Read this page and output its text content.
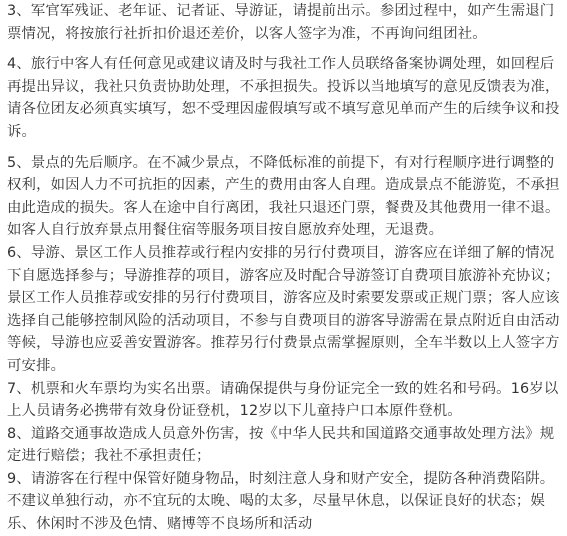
3、军官军残证、老年证、记者证、导游证，请提前出示。参团过程中，如产生需退门
票情况，将按旅行社折扣价退还差价，以客人签字为准，不再询问组团社。
4、旅行中客人有任何意见或建议请及时与我社工作人员联络备案协调处理，如回程后
再提出异议，我社只负责协助处理，不承担损失。投诉以当地填写的意见反馈表为准，
请各位团友必须真实填写，恕不受理因虚假填写或不填写意见单而产生的后续争议和投
诉。
5、景点的先后顺序。在不减少景点，不降低标准的前提下，有对行程顺序进行调整的
权利，如因人力不可抗拒的因素，产生的费用由客人自理。造成景点不能游览，不承担
由此造成的损失。客人在途中自行离团，我社只退还门票，餐费及其他费用一律不退。
如客人自行放弃景点用餐住宿等服务项目按自愿放弃处理，无退费。
6、导游、景区工作人员推荐或行程内安排的另行付费项目，游客应在详细了解的情况
下自愿选择参与；导游推荐的项目，游客应及时配合导游签订自费项目旅游补充协议；
景区工作人员推荐或安排的另行付费项目，游客应及时索要发票或正规门票；客人应该
选择自己能够控制风险的活动项目，不参与自费项目的游客导游需在景点附近自由活动
等候，导游也应妥善安置游客。推荐另行付费景点需掌握原则，全车半数以上人签字方
可安排。
7、机票和火车票均为实名出票。请确保提供与身份证完全一致的姓名和号码。16岁以
上人员请务必携带有效身份证登机，12岁以下儿童持户口本原件登机。
8、道路交通事故造成人员意外伤害，按《中华人民共和国道路交通事故处理方法》规
定进行赔偿；我社不承担责任；
9、请游客在行程中保管好随身物品，时刻注意人身和财产安全，提防各种消费陷阱。
不建议单独行动，亦不宜玩的太晚、喝的太多，尽量早休息，以保证良好的状态；娱
乐、休闲时不涉及色情、赌博等不良场所和活动
